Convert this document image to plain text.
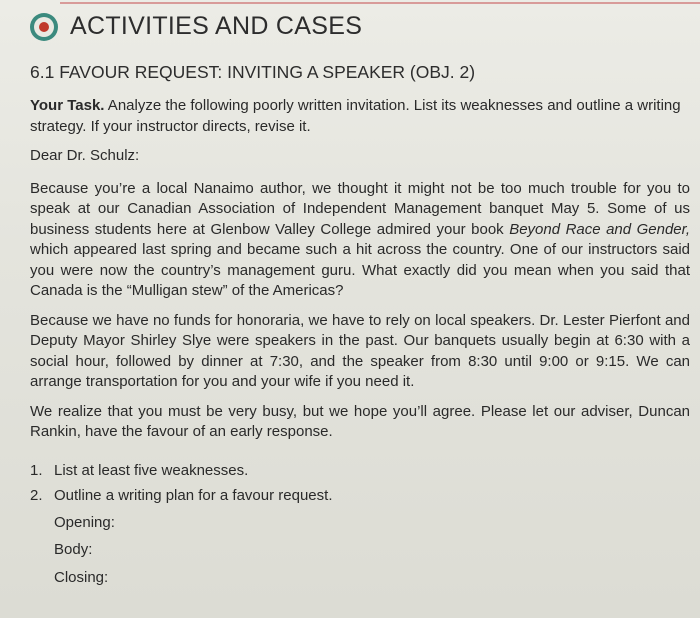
ACTIVITIES AND CASES
6.1 FAVOUR REQUEST: INVITING A SPEAKER (OBJ. 2)

Your Task. Analyze the following poorly written invitation. List its weaknesses and outline a writing strategy. If your instructor directs, revise it.

Dear Dr. Schulz:

Because you’re a local Nanaimo author, we thought it might not be too much trouble for you to speak at our Canadian Association of Independent Management banquet May 5. Some of us business students here at Glenbow Valley College admired your book Beyond Race and Gender, which appeared last spring and became such a hit across the country. One of our instructors said you were now the country’s management guru. What exactly did you mean when you said that Canada is the “Mulligan stew” of the Americas?

Because we have no funds for honoraria, we have to rely on local speakers. Dr. Lester Pierfont and Deputy Mayor Shirley Slye were speakers in the past. Our banquets usually begin at 6:30 with a social hour, followed by dinner at 7:30, and the speaker from 8:30 until 9:00 or 9:15. We can arrange transportation for you and your wife if you need it.

We realize that you must be very busy, but we hope you’ll agree. Please let our adviser, Duncan Rankin, have the favour of an early response.

1. List at least five weaknesses.
2. Outline a writing plan for a favour request.
Opening:
Body:
Closing:
